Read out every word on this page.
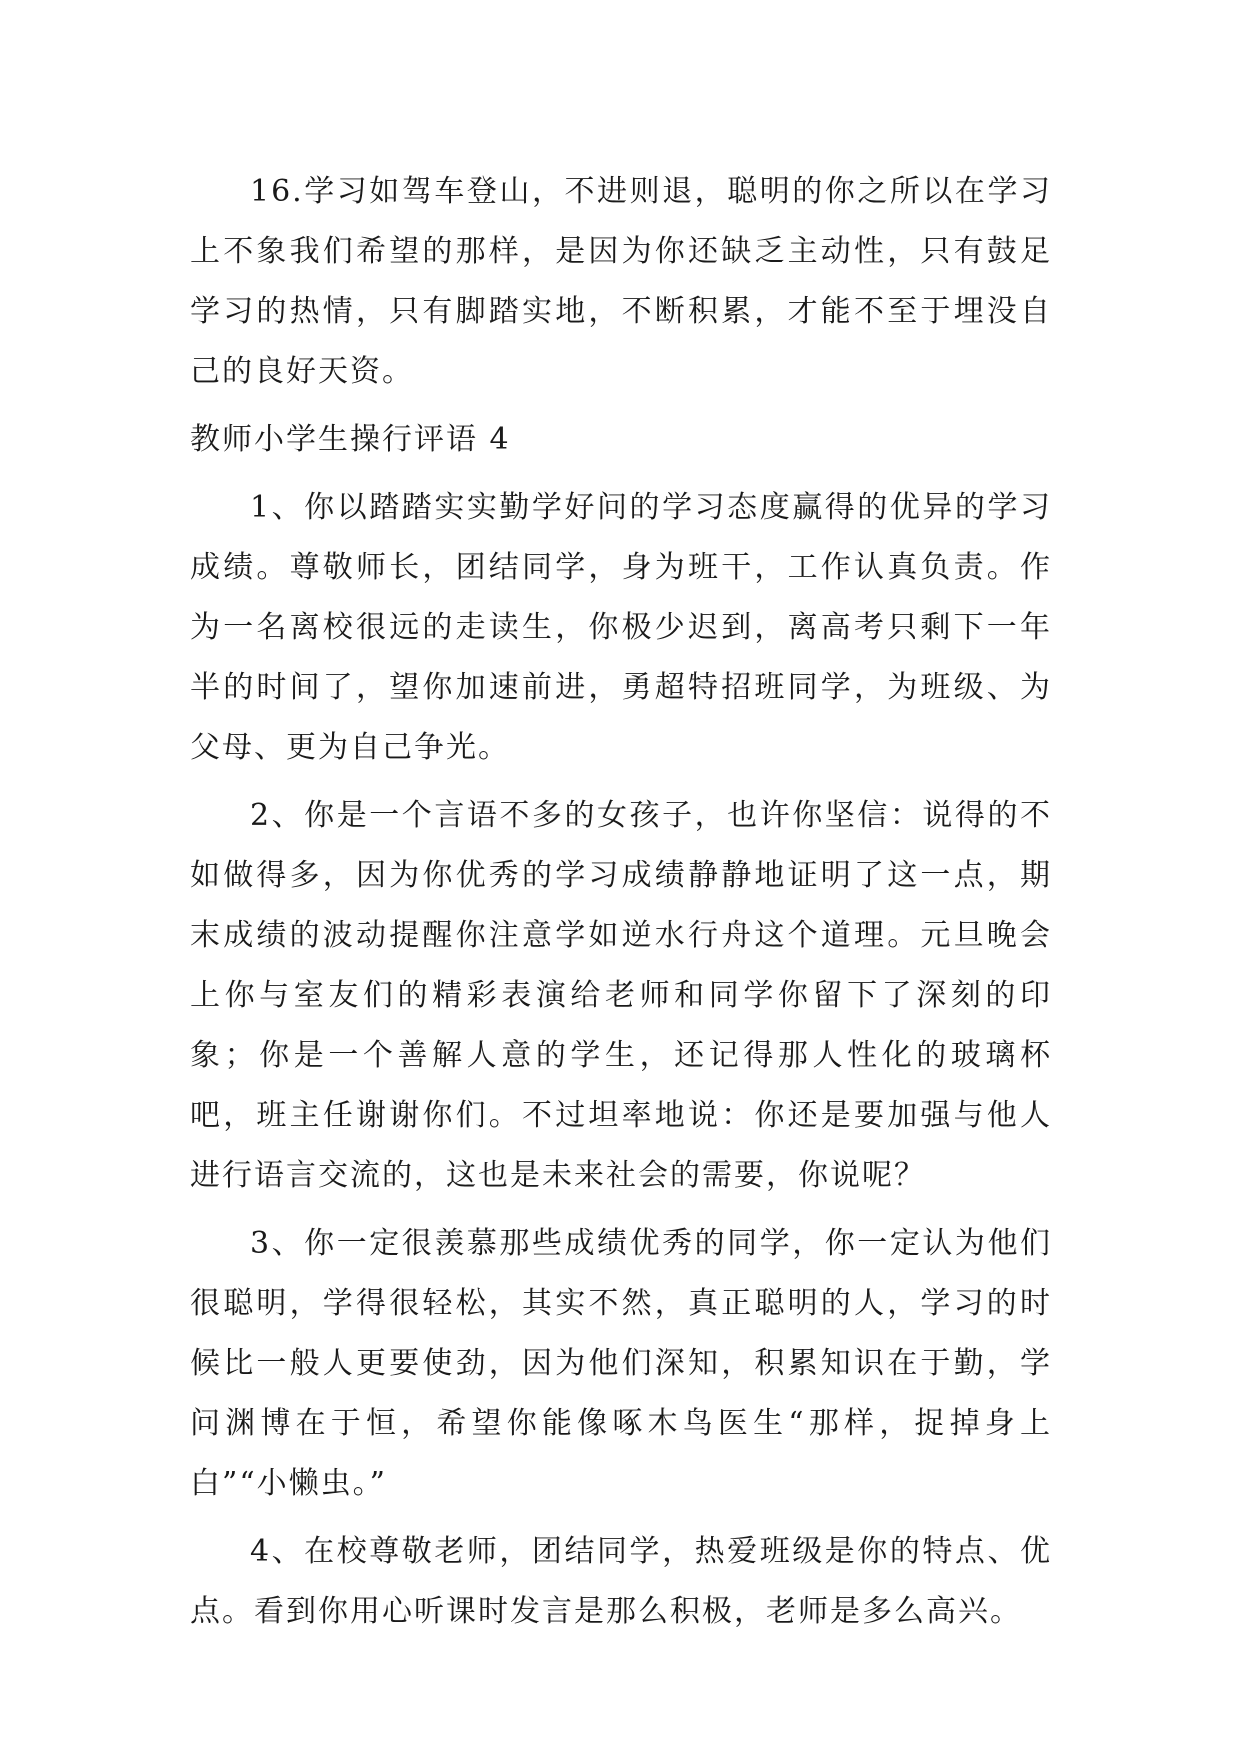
16.学习如驾车登山，不进则退，聪明的你之所以在学习上不象我们希望的那样，是因为你还缺乏主动性，只有鼓足学习的热情，只有脚踏实地，不断积累，才能不至于埋没自己的良好天资。

教师小学生操行评语 4

1、你以踏踏实实勤学好问的学习态度赢得的优异的学习成绩。尊敬师长，团结同学，身为班干，工作认真负责。作为一名离校很远的走读生，你极少迟到，离高考只剩下一年半的时间了，望你加速前进，勇超特招班同学，为班级、为父母、更为自己争光。

2、你是一个言语不多的女孩子，也许你坚信：说得的不如做得多，因为你优秀的学习成绩静静地证明了这一点，期末成绩的波动提醒你注意学如逆水行舟这个道理。元旦晚会上你与室友们的精彩表演给老师和同学你留下了深刻的印象；你是一个善解人意的学生，还记得那人性化的玻璃杯吧，班主任谢谢你们。不过坦率地说：你还是要加强与他人进行语言交流的，这也是未来社会的需要，你说呢？

3、你一定很羡慕那些成绩优秀的同学，你一定认为他们很聪明，学得很轻松，其实不然，真正聪明的人，学习的时候比一般人更要使劲，因为他们深知，积累知识在于勤，学问渊博在于恒，希望你能像啄木鸟医生“那样，捉掉身上白”“小懒虫。”

4、在校尊敬老师，团结同学，热爱班级是你的特点、优点。看到你用心听课时发言是那么积极，老师是多么高兴。
